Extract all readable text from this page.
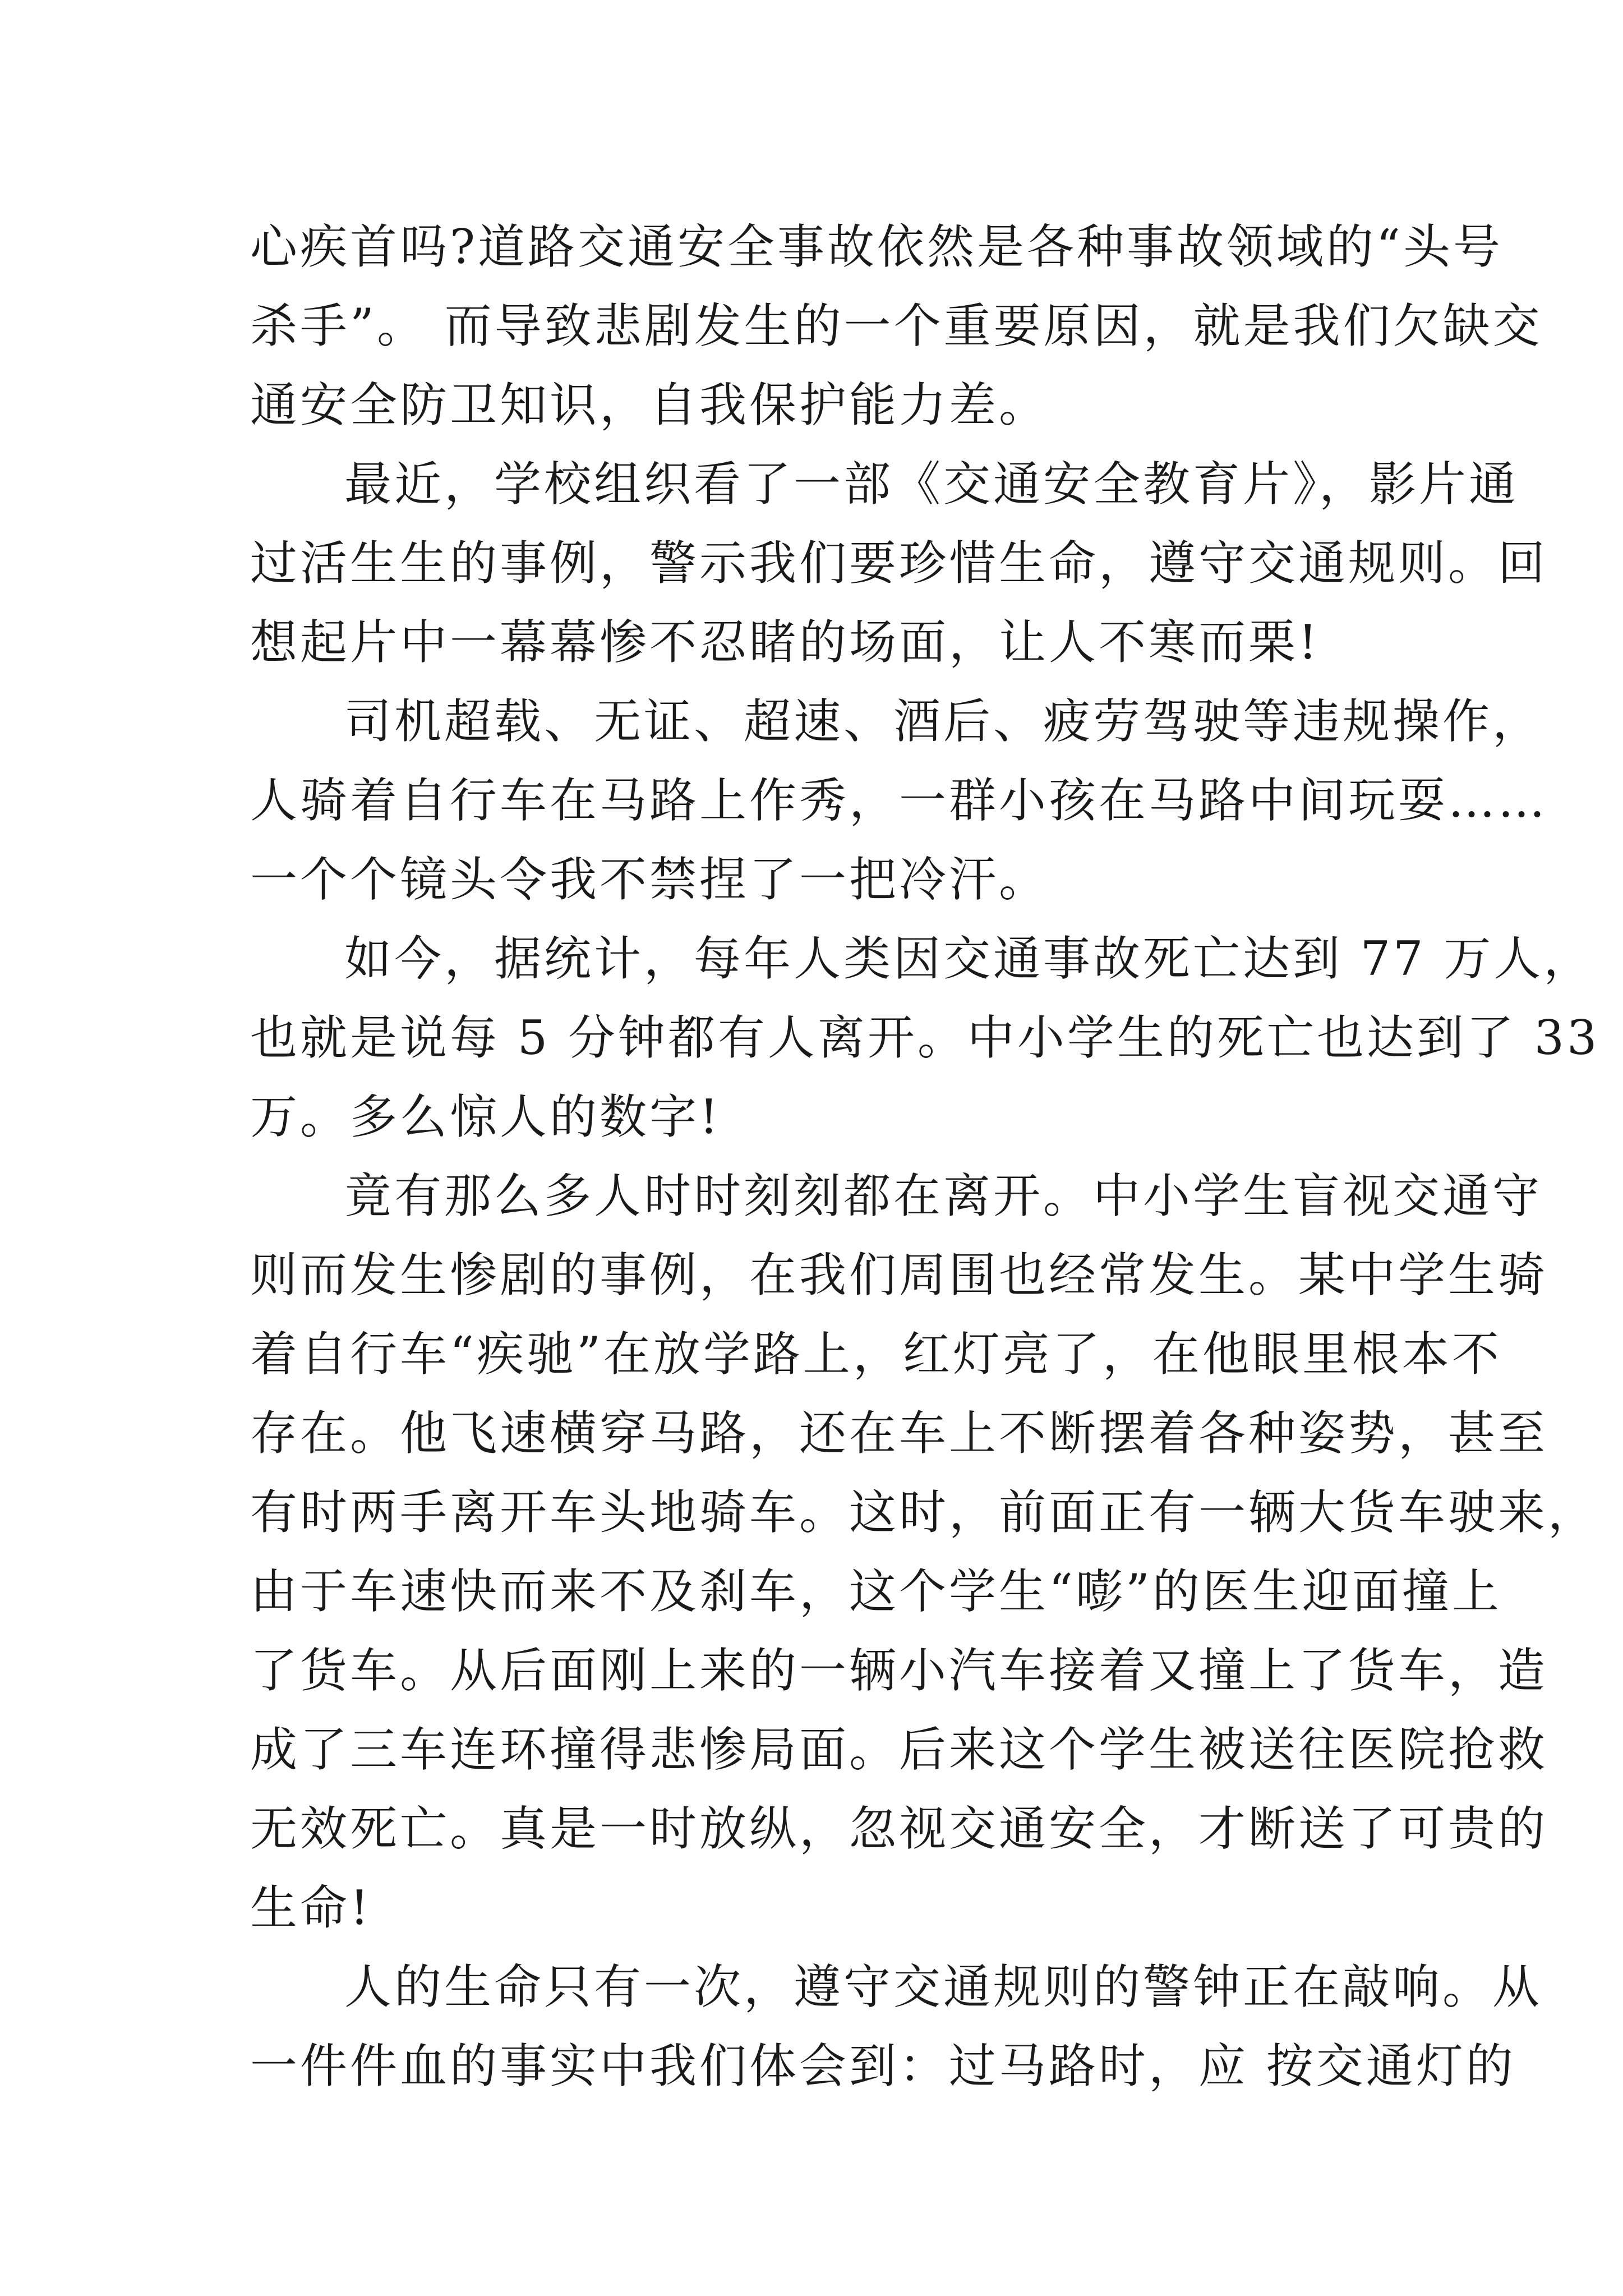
心疾首吗?道路交通安全事故依然是各种事故领域的“头号
杀手”。 而导致悲剧发生的一个重要原因，就是我们欠缺交
通安全防卫知识，自我保护能力差。
最近，学校组织看了一部《交通安全教育片》，影片通
过活生生的事例，警示我们要珍惜生命，遵守交通规则。回
想起片中一幕幕惨不忍睹的场面，让人不寒而栗!
司机超载、无证、超速、酒后、疲劳驾驶等违规操作，
人骑着自行车在马路上作秀，一群小孩在马路中间玩耍……
一个个镜头令我不禁捏了一把冷汗。
如今，据统计，每年人类因交通事故死亡达到 77 万人，
也就是说每 5 分钟都有人离开。中小学生的死亡也达到了 33
万。多么惊人的数字!
竟有那么多人时时刻刻都在离开。中小学生盲视交通守
则而发生惨剧的事例，在我们周围也经常发生。某中学生骑
着自行车“疾驰”在放学路上，红灯亮了，在他眼里根本不
存在。他飞速横穿马路，还在车上不断摆着各种姿势，甚至
有时两手离开车头地骑车。这时，前面正有一辆大货车驶来，
由于车速快而来不及刹车，这个学生“嘭”的医生迎面撞上
了货车。从后面刚上来的一辆小汽车接着又撞上了货车，造
成了三车连环撞得悲惨局面。后来这个学生被送往医院抢救
无效死亡。真是一时放纵，忽视交通安全，才断送了可贵的
生命!
人的生命只有一次，遵守交通规则的警钟正在敲响。从
一件件血的事实中我们体会到：过马路时，应 按交通灯的
